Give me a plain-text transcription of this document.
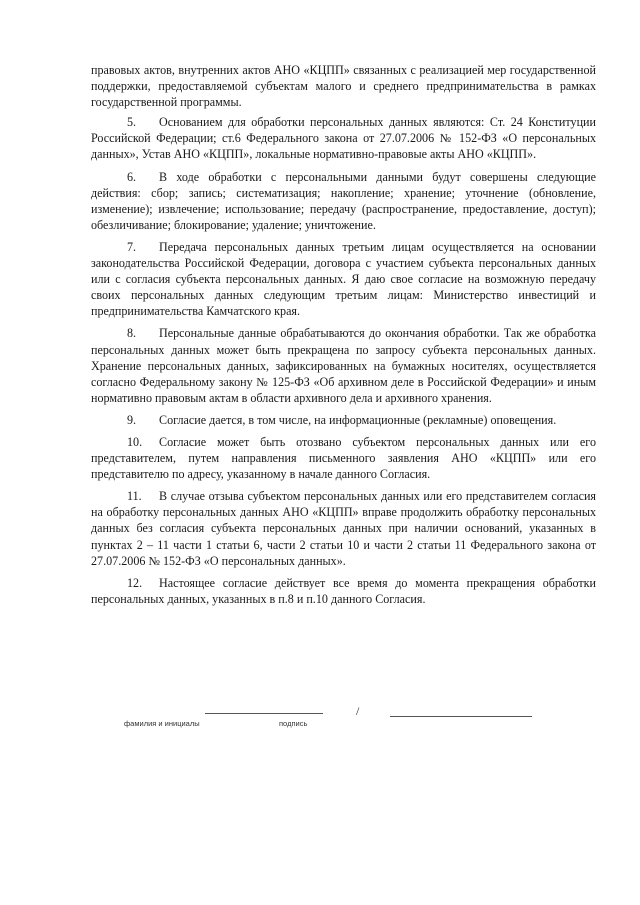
правовых актов, внутренних актов АНО «КЦПП» связанных с реализацией мер государственной поддержки, предоставляемой субъектам малого и среднего предпринимательства в рамках государственной программы.

5. Основанием для обработки персональных данных являются: Ст. 24 Конституции Российской Федерации; ст.6 Федерального закона от 27.07.2006 № 152-ФЗ «О персональных данных», Устав АНО «КЦПП», локальные нормативно-правовые акты АНО «КЦПП».

6. В ходе обработки с персональными данными будут совершены следующие действия: сбор; запись; систематизация; накопление; хранение; уточнение (обновление, изменение); извлечение; использование; передачу (распространение, предоставление, доступ); обезличивание; блокирование; удаление; уничтожение.

7. Передача персональных данных третьим лицам осуществляется на основании законодательства Российской Федерации, договора с участием субъекта персональных данных или с согласия субъекта персональных данных. Я даю свое согласие на возможную передачу своих персональных данных следующим третьим лицам: Министерство инвестиций и предпринимательства Камчатского края.

8. Персональные данные обрабатываются до окончания обработки. Так же обработка персональных данных может быть прекращена по запросу субъекта персональных данных. Хранение персональных данных, зафиксированных на бумажных носителях, осуществляется согласно Федеральному закону № 125-ФЗ «Об архивном деле в Российской Федерации» и иным нормативно правовым актам в области архивного дела и архивного хранения.

9. Согласие дается, в том числе, на информационные (рекламные) оповещения.

10. Согласие может быть отозвано субъектом персональных данных или его представителем, путем направления письменного заявления АНО «КЦПП» или его представителю по адресу, указанному в начале данного Согласия.

11. В случае отзыва субъектом персональных данных или его представителем согласия на обработку персональных данных АНО «КЦПП» вправе продолжить обработку персональных данных без согласия субъекта персональных данных при наличии оснований, указанных в пунктах 2 – 11 части 1 статьи 6, части 2 статьи 10 и части 2 статьи 11 Федерального закона от 27.07.2006 № 152-ФЗ «О персональных данных».

12. Настоящее согласие действует все время до момента прекращения обработки персональных данных, указанных в п.8 и п.10 данного Согласия.

/
фамилия и инициалы	подпись
